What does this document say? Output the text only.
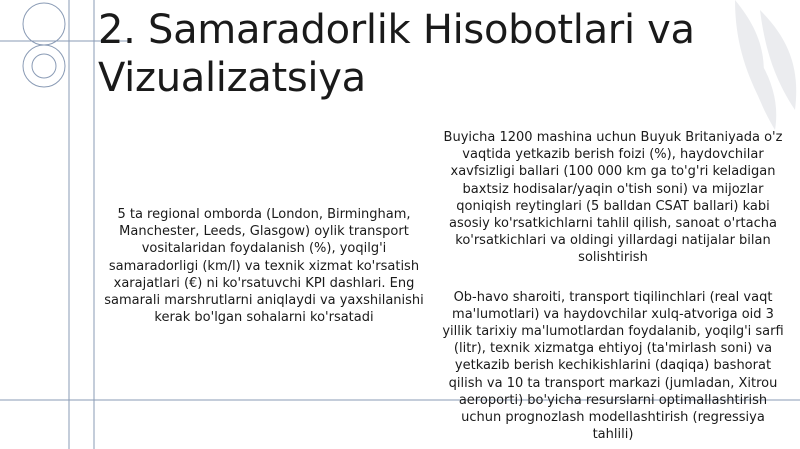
2. Samaradorlik Hisobotlari va Vizualizatsiya
5 ta regional omborda (London, Birmingham, Manchester, Leeds, Glasgow) oylik transport vositalaridan foydalanish (%), yoqilg'i samaradorligi (km/l) va texnik xizmat ko'rsatish xarajatlari (€) ni ko'rsatuvchi KPI dashlari. Eng samarali marshrutlarni aniqlaydi va yaxshilanishi kerak bo'lgan sohalarni ko'rsatadi
Buyicha 1200 mashina uchun Buyuk Britaniyada o'z vaqtida yetkazib berish foizi (%), haydovchilar xavfsizligi ballari (100 000 km ga to'g'ri keladigan baxtsiz hodisalar/yaqin o'tish soni) va mijozlar qoniqish reytinglari (5 balldan CSAT ballari) kabi asosiy ko'rsatkichlarni tahlil qilish, sanoat o'rtacha ko'rsatkichlari va oldingi yillardagi natijalar bilan solishtirish
Ob-havo sharoiti, transport tiqilinchlari (real vaqt ma'lumotlari) va haydovchilar xulq-atvoriga oid 3 yillik tarixiy ma'lumotlardan foydalanib, yoqilg'i sarfi (litr), texnik xizmatga ehtiyoj (ta'mirlash soni) va yetkazib berish kechikishlarini (daqiqa) bashorat qilish va 10 ta transport markazi (jumladan, Xitrou aeroporti) bo'yicha resurslarni optimallashtirish uchun prognozlash modellashtirish (regressiya tahlili)
